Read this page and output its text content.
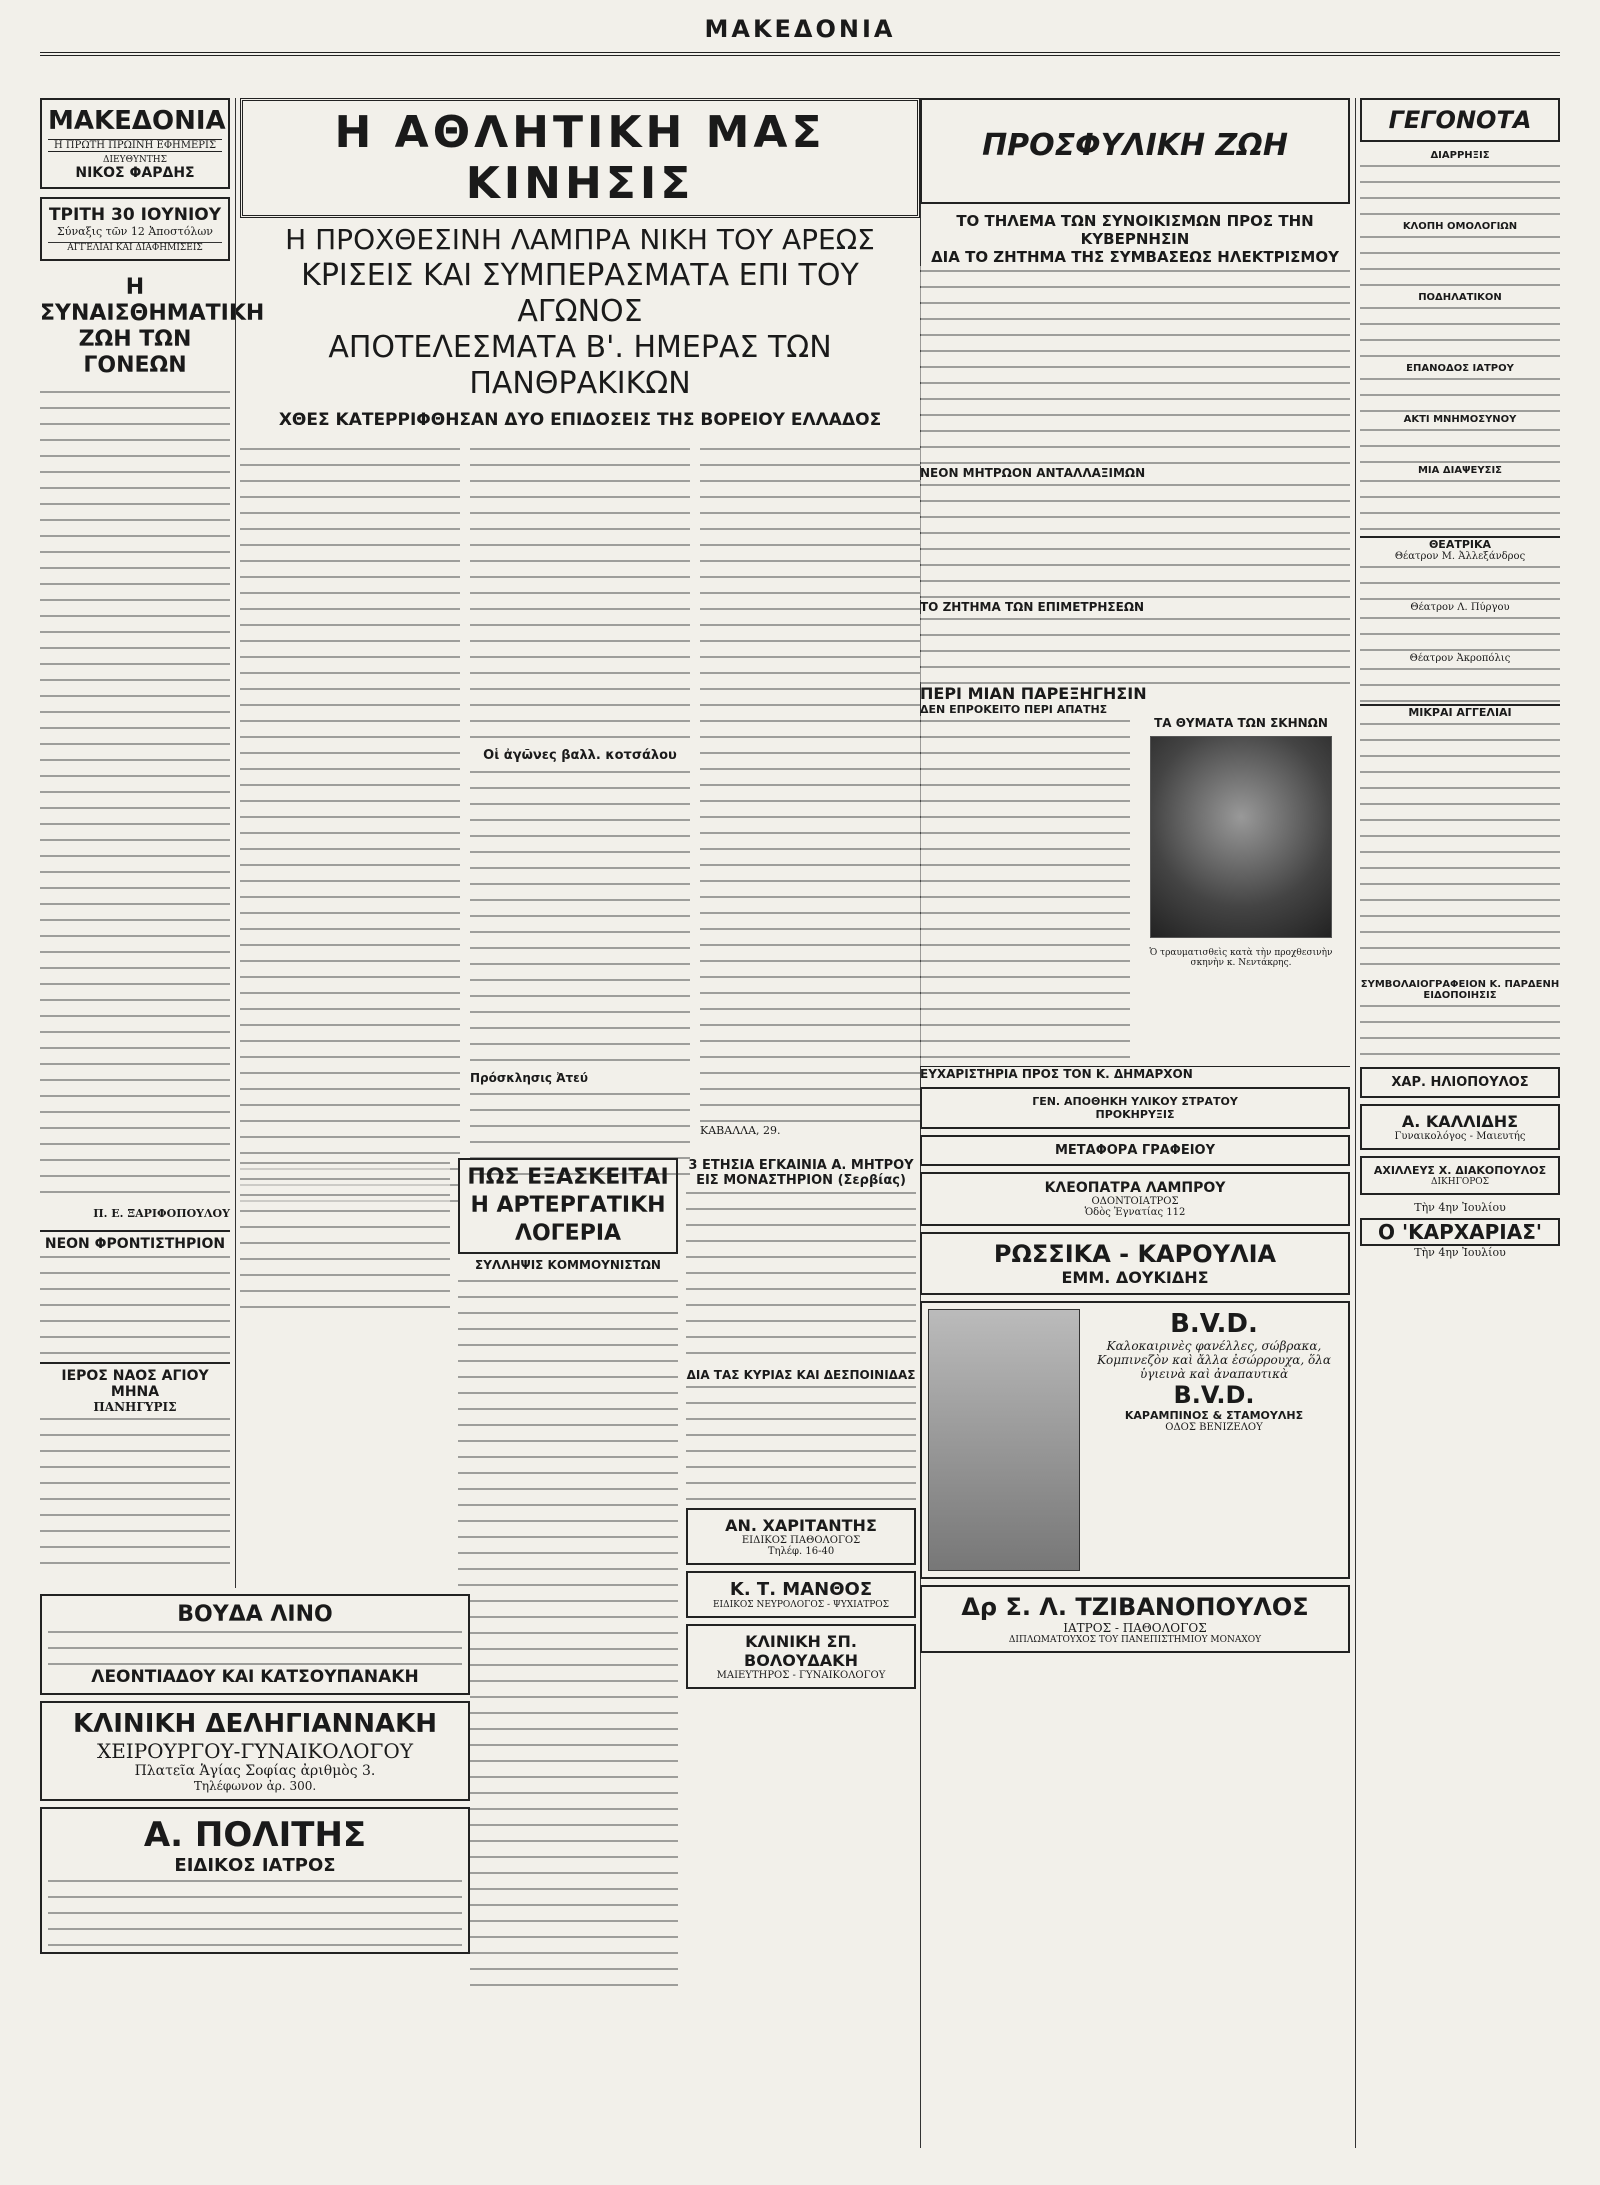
ΜΑΚΕΔΟΝΙΑ
ΜΑΚΕΔΟΝΙΑ
Η ΠΡΩΤΗ ΠΡΩΙΝΗ ΕΦΗΜΕΡΙΣ
ΔΙΕΥΘΥΝΤΗΣ
ΝΙΚΟΣ ΦΑΡΔΗΣ
ΤΡΙΤΗ 30 ΙΟΥΝΙΟΥ
Σύναξις τῶν 12 Ἀποστόλων
ΑΓΓΕΛΙΑΙ ΚΑΙ ΔΙΑΦΗΜΙΣΕΙΣ
Η ΣΥΝΑΙΣΘΗΜΑΤΙΚΗ ΖΩΗ ΤΩΝ ΓΟΝΕΩΝ
Π. Ε. ΞΑΡΙΦΟΠΟΥΛΟΥ
ΝΕΟΝ ΦΡΟΝΤΙΣΤΗΡΙΟΝ
ΙΕΡΟΣ ΝΑΟΣ ΑΓΙΟΥ ΜΗΝΑ
ΠΑΝΗΓΥΡΙΣ
Η ΑΘΛΗΤΙΚΗ ΜΑΣ ΚΙΝΗΣΙΣ
Η ΠΡΟΧΘΕΣΙΝΗ ΛΑΜΠΡΑ ΝΙΚΗ ΤΟΥ ΑΡΕΩΣ
ΚΡΙΣΕΙΣ ΚΑΙ ΣΥΜΠΕΡΑΣΜΑΤΑ ΕΠΙ ΤΟΥ ΑΓΩΝΟΣ
ΑΠΟΤΕΛΕΣΜΑΤΑ Β'. ΗΜΕΡΑΣ ΤΩΝ ΠΑΝΘΡΑΚΙΚΩΝ
ΧΘΕΣ ΚΑΤΕΡΡΙΦΘΗΣΑΝ ΔΥΟ ΕΠΙΔΟΣΕΙΣ ΤΗΣ ΒΟΡΕΙΟΥ ΕΛΛΑΔΟΣ
Οἱ ἀγῶνες βαλλ. κοτσάλου
Πρόσκλησις Ἀτεύ
ΚΑΒΑΛΛΑ, 29.
ΠΩΣ ΕΞΑΣΚΕΙΤΑΙ Η ΑΡΤΕΡΓΑΤΙΚΗ ΛΟΓΕΡΙΑ
ΣΥΛΛΗΨΙΣ ΚΟΜΜΟΥΝΙΣΤΩΝ
3 ΕΤΗΣΙΑ ΕΓΚΑΙΝΙΑ Α. ΜΗΤΡΟΥ ΕΙΣ ΜΟΝΑΣΤΗΡΙΟΝ (Σερβίας)
ΔΙΑ ΤΑΣ ΚΥΡΙΑΣ ΚΑΙ ΔΕΣΠΟΙΝΙΔΑΣ
ΑΝ. ΧΑΡΙΤΑΝΤΗΣ
ΕΙΔΙΚΟΣ ΠΑΘΟΛΟΓΟΣ
Τηλέφ. 16-40
Κ. Τ. ΜΑΝΘΟΣ
ΕΙΔΙΚΟΣ ΝΕΥΡΟΛΟΓΟΣ - ΨΥΧΙΑΤΡΟΣ
ΚΛΙΝΙΚΗ ΣΠ. ΒΟΛΟΥΔΑΚΗ
ΜΑΙΕΥΤΗΡΟΣ - ΓΥΝΑΙΚΟΛΟΓΟΥ
ΒΟΥΔΑ ΛΙΝΟ
ΛΕΟΝΤΙΑΔΟΥ ΚΑΙ ΚΑΤΣΟΥΠΑΝΑΚΗ
ΚΛΙΝΙΚΗ ΔΕΛΗΓΙΑΝΝΑΚΗ
ΧΕΙΡΟΥΡΓΟΥ-ΓΥΝΑΙΚΟΛΟΓΟΥ
Πλατεῖα Ἁγίας Σοφίας ἀριθμὸς 3.
Τηλέφωνον ἀρ. 300.
Α. ΠΟΛΙΤΗΣ
ΕΙΔΙΚΟΣ ΙΑΤΡΟΣ
ΠΡΟΣΦΥΛΙΚΗ ΖΩΗ
ΤΟ ΤΗΛΕΜΑ ΤΩΝ ΣΥΝΟΙΚΙΣΜΩΝ ΠΡΟΣ ΤΗΝ ΚΥΒΕΡΝΗΣΙΝ
ΔΙΑ ΤΟ ΖΗΤΗΜΑ ΤΗΣ ΣΥΜΒΑΣΕΩΣ ΗΛΕΚΤΡΙΣΜΟΥ
ΝΕΟΝ ΜΗΤΡΩΟΝ ΑΝΤΑΛΛΑΞΙΜΩΝ
ΤΟ ΖΗΤΗΜΑ ΤΩΝ ΕΠΙΜΕΤΡΗΣΕΩΝ
ΠΕΡΙ ΜΙΑΝ ΠΑΡΕΞΗΓΗΣΙΝ
ΔΕΝ ΕΠΡΟΚΕΙΤΟ ΠΕΡΙ ΑΠΑΤΗΣ
ΤΑ ΘΥΜΑΤΑ ΤΩΝ ΣΚΗΝΩΝ
Ὁ τραυματισθεὶς κατὰ τὴν προχθεσινὴν σκηνὴν κ. Νεντάκρης.
ΕΥΧΑΡΙΣΤΗΡΙΑ ΠΡΟΣ ΤΟΝ Κ. ΔΗΜΑΡΧΟΝ
ΓΕΝ. ΑΠΟΘΗΚΗ ΥΛΙΚΟΥ ΣΤΡΑΤΟΥ
ΠΡΟΚΗΡΥΞΙΣ
ΜΕΤΑΦΟΡΑ ΓΡΑΦΕΙΟΥ
ΚΛΕΟΠΑΤΡΑ ΛΑΜΠΡΟΥ
ΟΔΟΝΤΟΙΑΤΡΟΣ
Ὁδὸς Ἐγνατίας 112
ΡΩΣΣΙΚΑ - ΚΑΡΟΥΛΙΑ
ΕΜΜ. ΔΟΥΚΙΔΗΣ
B.V.D.
Καλοκαιρινὲς φανέλλες, σώβρακα, Κομπινεζὸν καὶ ἄλλα ἐσώρρουχα, ὅλα ὑγιεινὰ καὶ ἀναπαυτικὰ
B.V.D.
ΚΑΡΑΜΠΙΝΟΣ & ΣΤΑΜΟΥΛΗΣ
ΟΔΟΣ ΒΕΝΙΖΕΛΟΥ
Δρ Σ. Λ. ΤΖΙΒΑΝΟΠΟΥΛΟΣ
ΙΑΤΡΟΣ - ΠΑΘΟΛΟΓΟΣ
ΔΙΠΛΩΜΑΤΟΥΧΟΣ ΤΟΥ ΠΑΝΕΠΙΣΤΗΜΙΟΥ ΜΟΝΑΧΟΥ
ΓΕΓΟΝΟΤΑ
ΔΙΑΡΡΗΞΙΣ
ΚΛΟΠΗ ΟΜΟΛΟΓΙΩΝ
ΠΟΔΗΛΑΤΙΚΟΝ
ΕΠΑΝΟΔΟΣ ΙΑΤΡΟΥ
ΑΚΤΙ ΜΝΗΜΟΣΥΝΟΥ
ΜΙΑ ΔΙΑΨΕΥΣΙΣ
ΘΕΑΤΡΙΚΑ
Θέατρον Μ. Ἀλλεξάνδρος
Θέατρον Λ. Πύργου
Θέατρον Ἀκροπόλις
ΜΙΚΡΑΙ ΑΓΓΕΛΙΑΙ
ΣΥΜΒΟΛΑΙΟΓΡΑΦΕΙΟΝ Κ. ΠΑΡΔΕΝΗ
ΕΙΔΟΠΟΙΗΣΙΣ
ΧΑΡ. ΗΛΙΟΠΟΥΛΟΣ
Α. ΚΑΛΛΙΔΗΣ
Γυναικολόγος - Μαιευτής
ΑΧΙΛΛΕΥΣ Χ. ΔΙΑΚΟΠΟΥΛΟΣ
ΔΙΚΗΓΟΡΟΣ
Τὴν 4ην Ἰουλίου
Ο 'ΚΑΡΧΑΡΙΑΣ'
Τὴν 4ην Ἰουλίου
